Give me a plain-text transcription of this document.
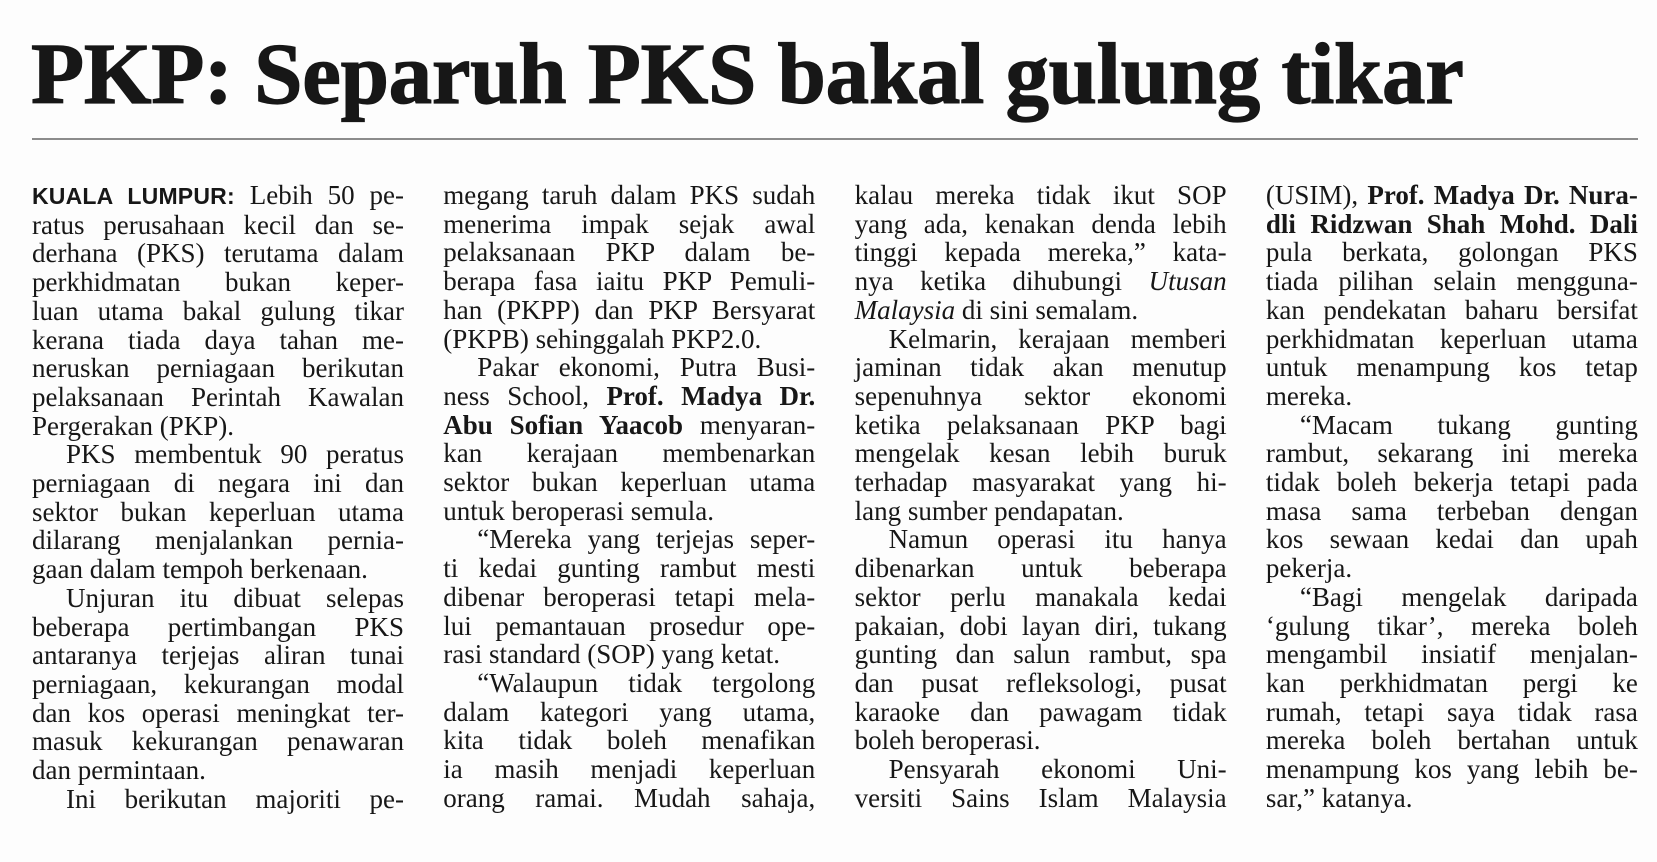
PKP: Separuh PKS bakal gulung tikar
KUALA LUMPUR: Lebih 50 pe-
ratus perusahaan kecil dan se-
derhana (PKS) terutama dalam
perkhidmatan bukan keper-
luan utama bakal gulung tikar
kerana tiada daya tahan me-
neruskan perniagaan berikutan
pelaksanaan Perintah Kawalan
Pergerakan (PKP).
PKS membentuk 90 peratus
perniagaan di negara ini dan
sektor bukan keperluan utama
dilarang menjalankan pernia-
gaan dalam tempoh berkenaan.
Unjuran itu dibuat selepas
beberapa pertimbangan PKS
antaranya terjejas aliran tunai
perniagaan, kekurangan modal
dan kos operasi meningkat ter-
masuk kekurangan penawaran
dan permintaan.
Ini berikutan majoriti pe-
megang taruh dalam PKS sudah
menerima impak sejak awal
pelaksanaan PKP dalam be-
berapa fasa iaitu PKP Pemuli-
han (PKPP) dan PKP Bersyarat
(PKPB) sehinggalah PKP2.0.
Pakar ekonomi, Putra Busi-
ness School, Prof. Madya Dr.
Abu Sofian Yaacob menyaran-
kan kerajaan membenarkan
sektor bukan keperluan utama
untuk beroperasi semula.
“Mereka yang terjejas seper-
ti kedai gunting rambut mesti
dibenar beroperasi tetapi mela-
lui pemantauan prosedur ope-
rasi standard (SOP) yang ketat.
“Walaupun tidak tergolong
dalam kategori yang utama,
kita tidak boleh menafikan
ia masih menjadi keperluan
orang ramai. Mudah sahaja,
kalau mereka tidak ikut SOP
yang ada, kenakan denda lebih
tinggi kepada mereka,” kata-
nya ketika dihubungi Utusan
Malaysia di sini semalam.
Kelmarin, kerajaan memberi
jaminan tidak akan menutup
sepenuhnya sektor ekonomi
ketika pelaksanaan PKP bagi
mengelak kesan lebih buruk
terhadap masyarakat yang hi-
lang sumber pendapatan.
Namun operasi itu hanya
dibenarkan untuk beberapa
sektor perlu manakala kedai
pakaian, dobi layan diri, tukang
gunting dan salun rambut, spa
dan pusat refleksologi, pusat
karaoke dan pawagam tidak
boleh beroperasi.
Pensyarah ekonomi Uni-
versiti Sains Islam Malaysia
(USIM), Prof. Madya Dr. Nura-
dli Ridzwan Shah Mohd. Dali
pula berkata, golongan PKS
tiada pilihan selain mengguna-
kan pendekatan baharu bersifat
perkhidmatan keperluan utama
untuk menampung kos tetap
mereka.
“Macam tukang gunting
rambut, sekarang ini mereka
tidak boleh bekerja tetapi pada
masa sama terbeban dengan
kos sewaan kedai dan upah
pekerja.
“Bagi mengelak daripada
‘gulung tikar’, mereka boleh
mengambil insiatif menjalan-
kan perkhidmatan pergi ke
rumah, tetapi saya tidak rasa
mereka boleh bertahan untuk
menampung kos yang lebih be-
sar,” katanya.
